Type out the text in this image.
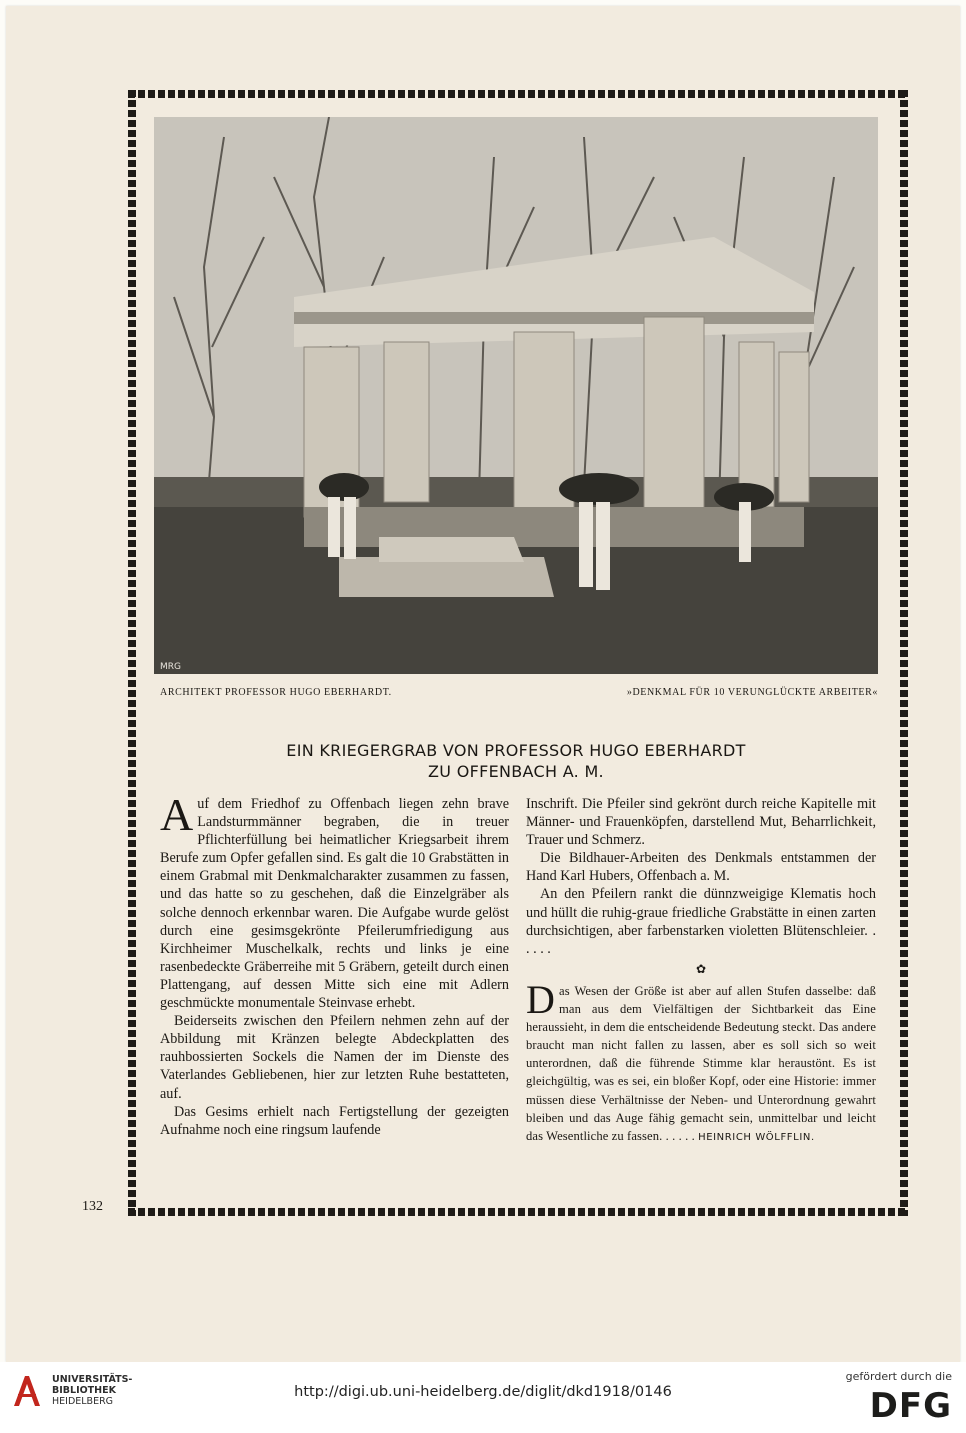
MRG
ARCHITEKT PROFESSOR HUGO EBERHARDT.	»DENKMAL FÜR 10 VERUNGLÜCKTE ARBEITER«
EIN KRIEGERGRAB VON PROFESSOR HUGO EBERHARDT
ZU OFFENBACH A. M.

Auf dem Friedhof zu Offenbach liegen zehn brave Landsturmmänner begraben, die in treuer Pflichterfüllung bei heimatlicher Kriegsarbeit ihrem Berufe zum Opfer gefallen sind. Es galt die 10 Grabstätten in einem Grabmal mit Denkmalcharakter zusammen zu fassen, und das hatte so zu geschehen, daß die Einzelgräber als solche dennoch erkennbar waren. Die Aufgabe wurde gelöst durch eine gesimsgekrönte Pfeilerumfriedigung aus Kirchheimer Muschelkalk, rechts und links je eine rasenbedeckte Gräberreihe mit 5 Gräbern, geteilt durch einen Plattengang, auf dessen Mitte sich eine mit Adlern geschmückte monumentale Steinvase erhebt.

Beiderseits zwischen den Pfeilern nehmen zehn auf der Abbildung mit Kränzen belegte Abdeckplatten des rauhbossierten Sockels die Namen der im Dienste des Vaterlandes Gebliebenen, hier zur letzten Ruhe bestatteten, auf.

Das Gesims erhielt nach Fertigstellung der gezeigten Aufnahme noch eine ringsum laufende

Inschrift. Die Pfeiler sind gekrönt durch reiche Kapitelle mit Männer- und Frauenköpfen, darstellend Mut, Beharrlichkeit, Trauer und Schmerz.

Die Bildhauer-Arbeiten des Denkmals entstammen der Hand Karl Hubers, Offenbach a. M.

An den Pfeilern rankt die dünnzweigige Klematis hoch und hüllt die ruhig-graue friedliche Grabstätte in einen zarten durchsichtigen, aber farbenstarken violetten Blütenschleier. . . . . .

✿

Das Wesen der Größe ist aber auf allen Stufen dasselbe: daß man aus dem Vielfältigen der Sichtbarkeit das Eine heraussieht, in dem die entscheidende Bedeutung steckt. Das andere braucht man nicht fallen zu lassen, aber es soll sich so weit unterordnen, daß die führende Stimme klar heraustönt. Es ist gleichgültig, was es sei, ein bloßer Kopf, oder eine Historie: immer müssen diese Verhältnisse der Neben- und Unterordnung gewahrt bleiben und das Auge fähig gemacht sein, unmittelbar und leicht das Wesentliche zu fassen. . . . . . HEINRICH WÖLFFLIN.

132
UNIVERSITÄTS-
BIBLIOTHEK
HEIDELBERG
http://digi.ub.uni-heidelberg.de/diglit/dkd1918/0146
gefördert durch die
DFG
